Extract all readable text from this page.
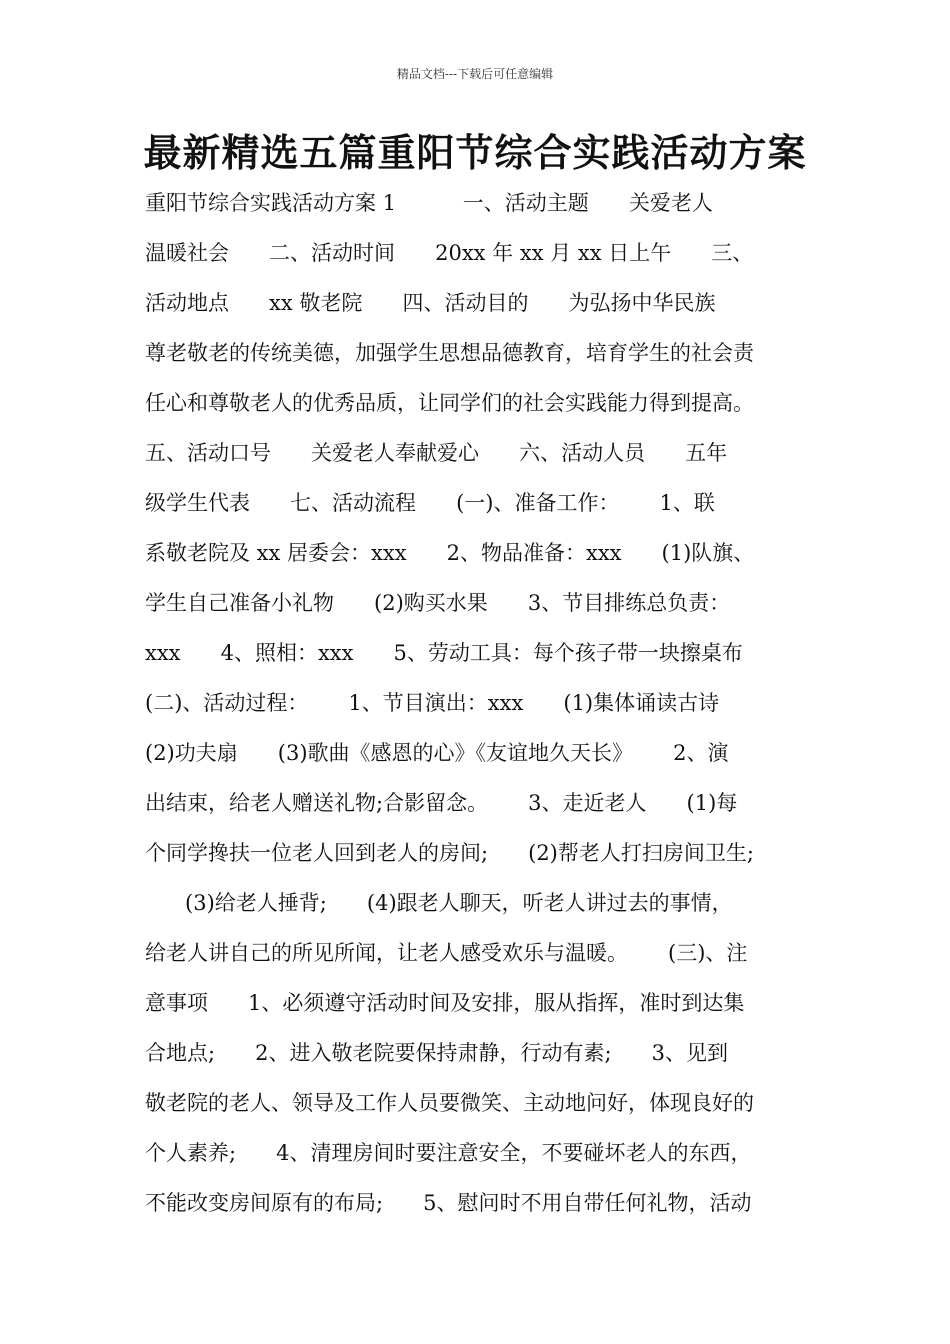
精品文档---下载后可任意编辑
最新精选五篇重阳节综合实践活动方案
重阳节综合实践活动方案 1          一、活动主题      关爱老人
温暖社会      二、活动时间      20xx 年 xx 月 xx 日上午      三、
活动地点      xx 敬老院      四、活动目的      为弘扬中华民族
尊老敬老的传统美德，加强学生思想品德教育，培育学生的社会责
任心和尊敬老人的优秀品质，让同学们的社会实践能力得到提高。
五、活动口号      关爱老人奉献爱心      六、活动人员      五年
级学生代表      七、活动流程      (一)、准备工作：      1、联
系敬老院及 xx 居委会：xxx      2、物品准备：xxx      (1)队旗、
学生自己准备小礼物      (2)购买水果      3、节目排练总负责：
xxx      4、照相：xxx      5、劳动工具：每个孩子带一块擦桌布
(二)、活动过程：      1、节目演出：xxx      (1)集体诵读古诗
(2)功夫扇      (3)歌曲《感恩的心》《友谊地久天长》      2、演
出结束，给老人赠送礼物;合影留念。      3、走近老人      (1)每
个同学搀扶一位老人回到老人的房间;      (2)帮老人打扫房间卫生;
(3)给老人捶背;      (4)跟老人聊天，听老人讲过去的事情，
给老人讲自己的所见所闻，让老人感受欢乐与温暖。      (三)、注
意事项      1、必须遵守活动时间及安排，服从指挥，准时到达集
合地点;      2、进入敬老院要保持肃静，行动有素;      3、见到
敬老院的老人、领导及工作人员要微笑、主动地问好，体现良好的
个人素养;      4、清理房间时要注意安全，不要碰坏老人的东西，
不能改变房间原有的布局;      5、慰问时不用自带任何礼物，活动
